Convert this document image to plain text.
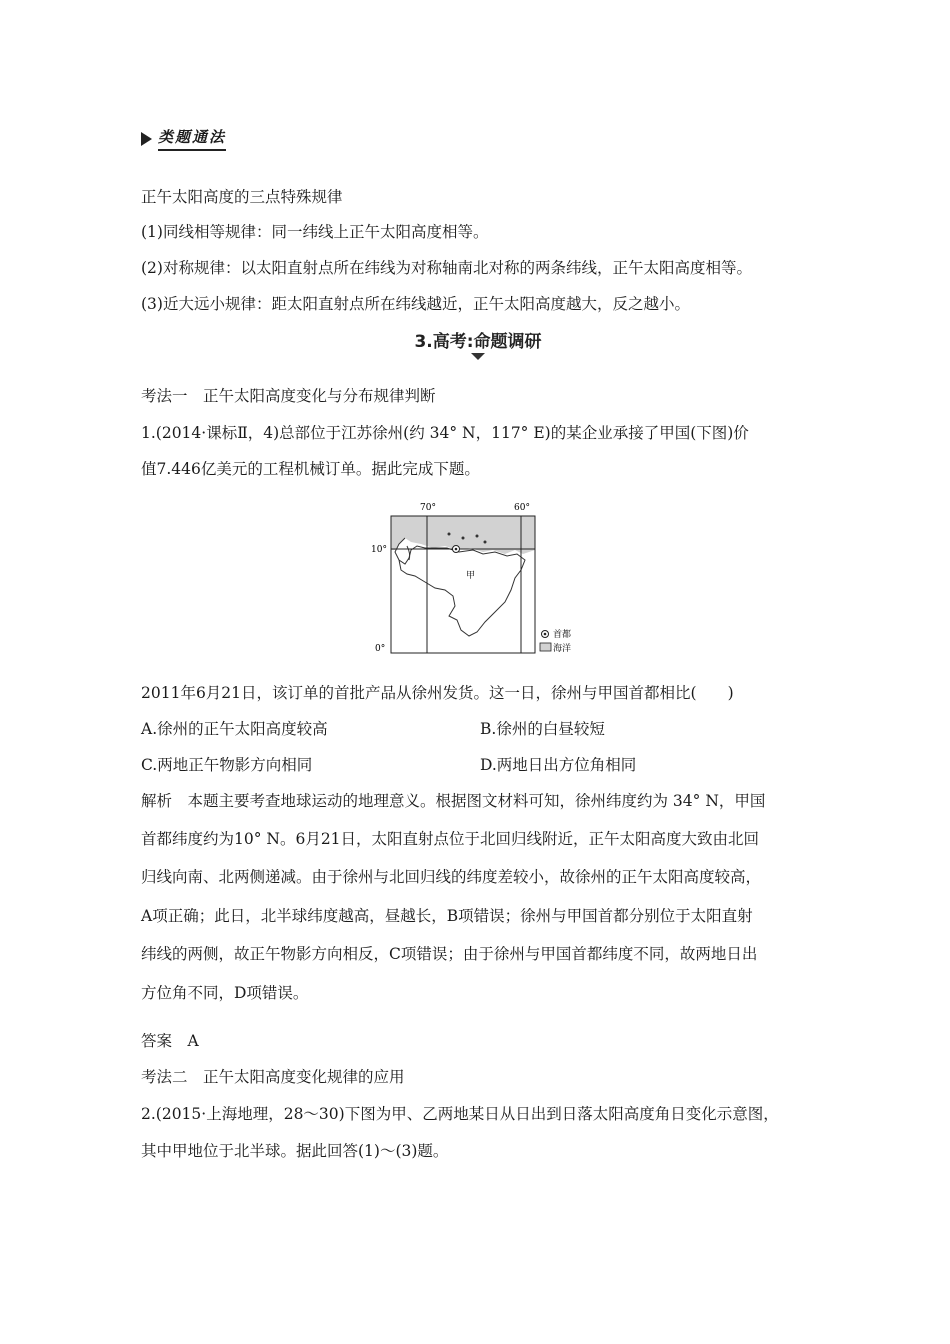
类题通法

正午太阳高度的三点特殊规律

(1)同线相等规律：同一纬线上正午太阳高度相等。

(2)对称规律：以太阳直射点所在纬线为对称轴南北对称的两条纬线，正午太阳高度相等。

(3)近大远小规律：距太阳直射点所在纬线越近，正午太阳高度越大，反之越小。

3.高考:命题调研

考法一　正午太阳高度变化与分布规律判断

1.(2014·课标Ⅱ，4)总部位于江苏徐州(约 34° N，117° E)的某企业承接了甲国(下图)价

值7.446亿美元的工程机械订单。据此完成下题。

70°	60°
10°
0°
甲
首都
海洋

2011年6月21日，该订单的首批产品从徐州发货。这一日，徐州与甲国首都相比(　　)

A.徐州的正午太阳高度较高	B.徐州的白昼较短

C.两地正午物影方向相同	D.两地日出方位角相同

解析　本题主要考查地球运动的地理意义。根据图文材料可知，徐州纬度约为 34° N，甲国

首都纬度约为10° N。6月21日，太阳直射点位于北回归线附近，正午太阳高度大致由北回

归线向南、北两侧递减。由于徐州与北回归线的纬度差较小，故徐州的正午太阳高度较高，

A项正确；此日，北半球纬度越高，昼越长，B项错误；徐州与甲国首都分别位于太阳直射

纬线的两侧，故正午物影方向相反，C项错误；由于徐州与甲国首都纬度不同，故两地日出

方位角不同，D项错误。

答案　A

考法二　正午太阳高度变化规律的应用

2.(2015·上海地理，28～30)下图为甲、乙两地某日从日出到日落太阳高度角日变化示意图，

其中甲地位于北半球。据此回答(1)～(3)题。
